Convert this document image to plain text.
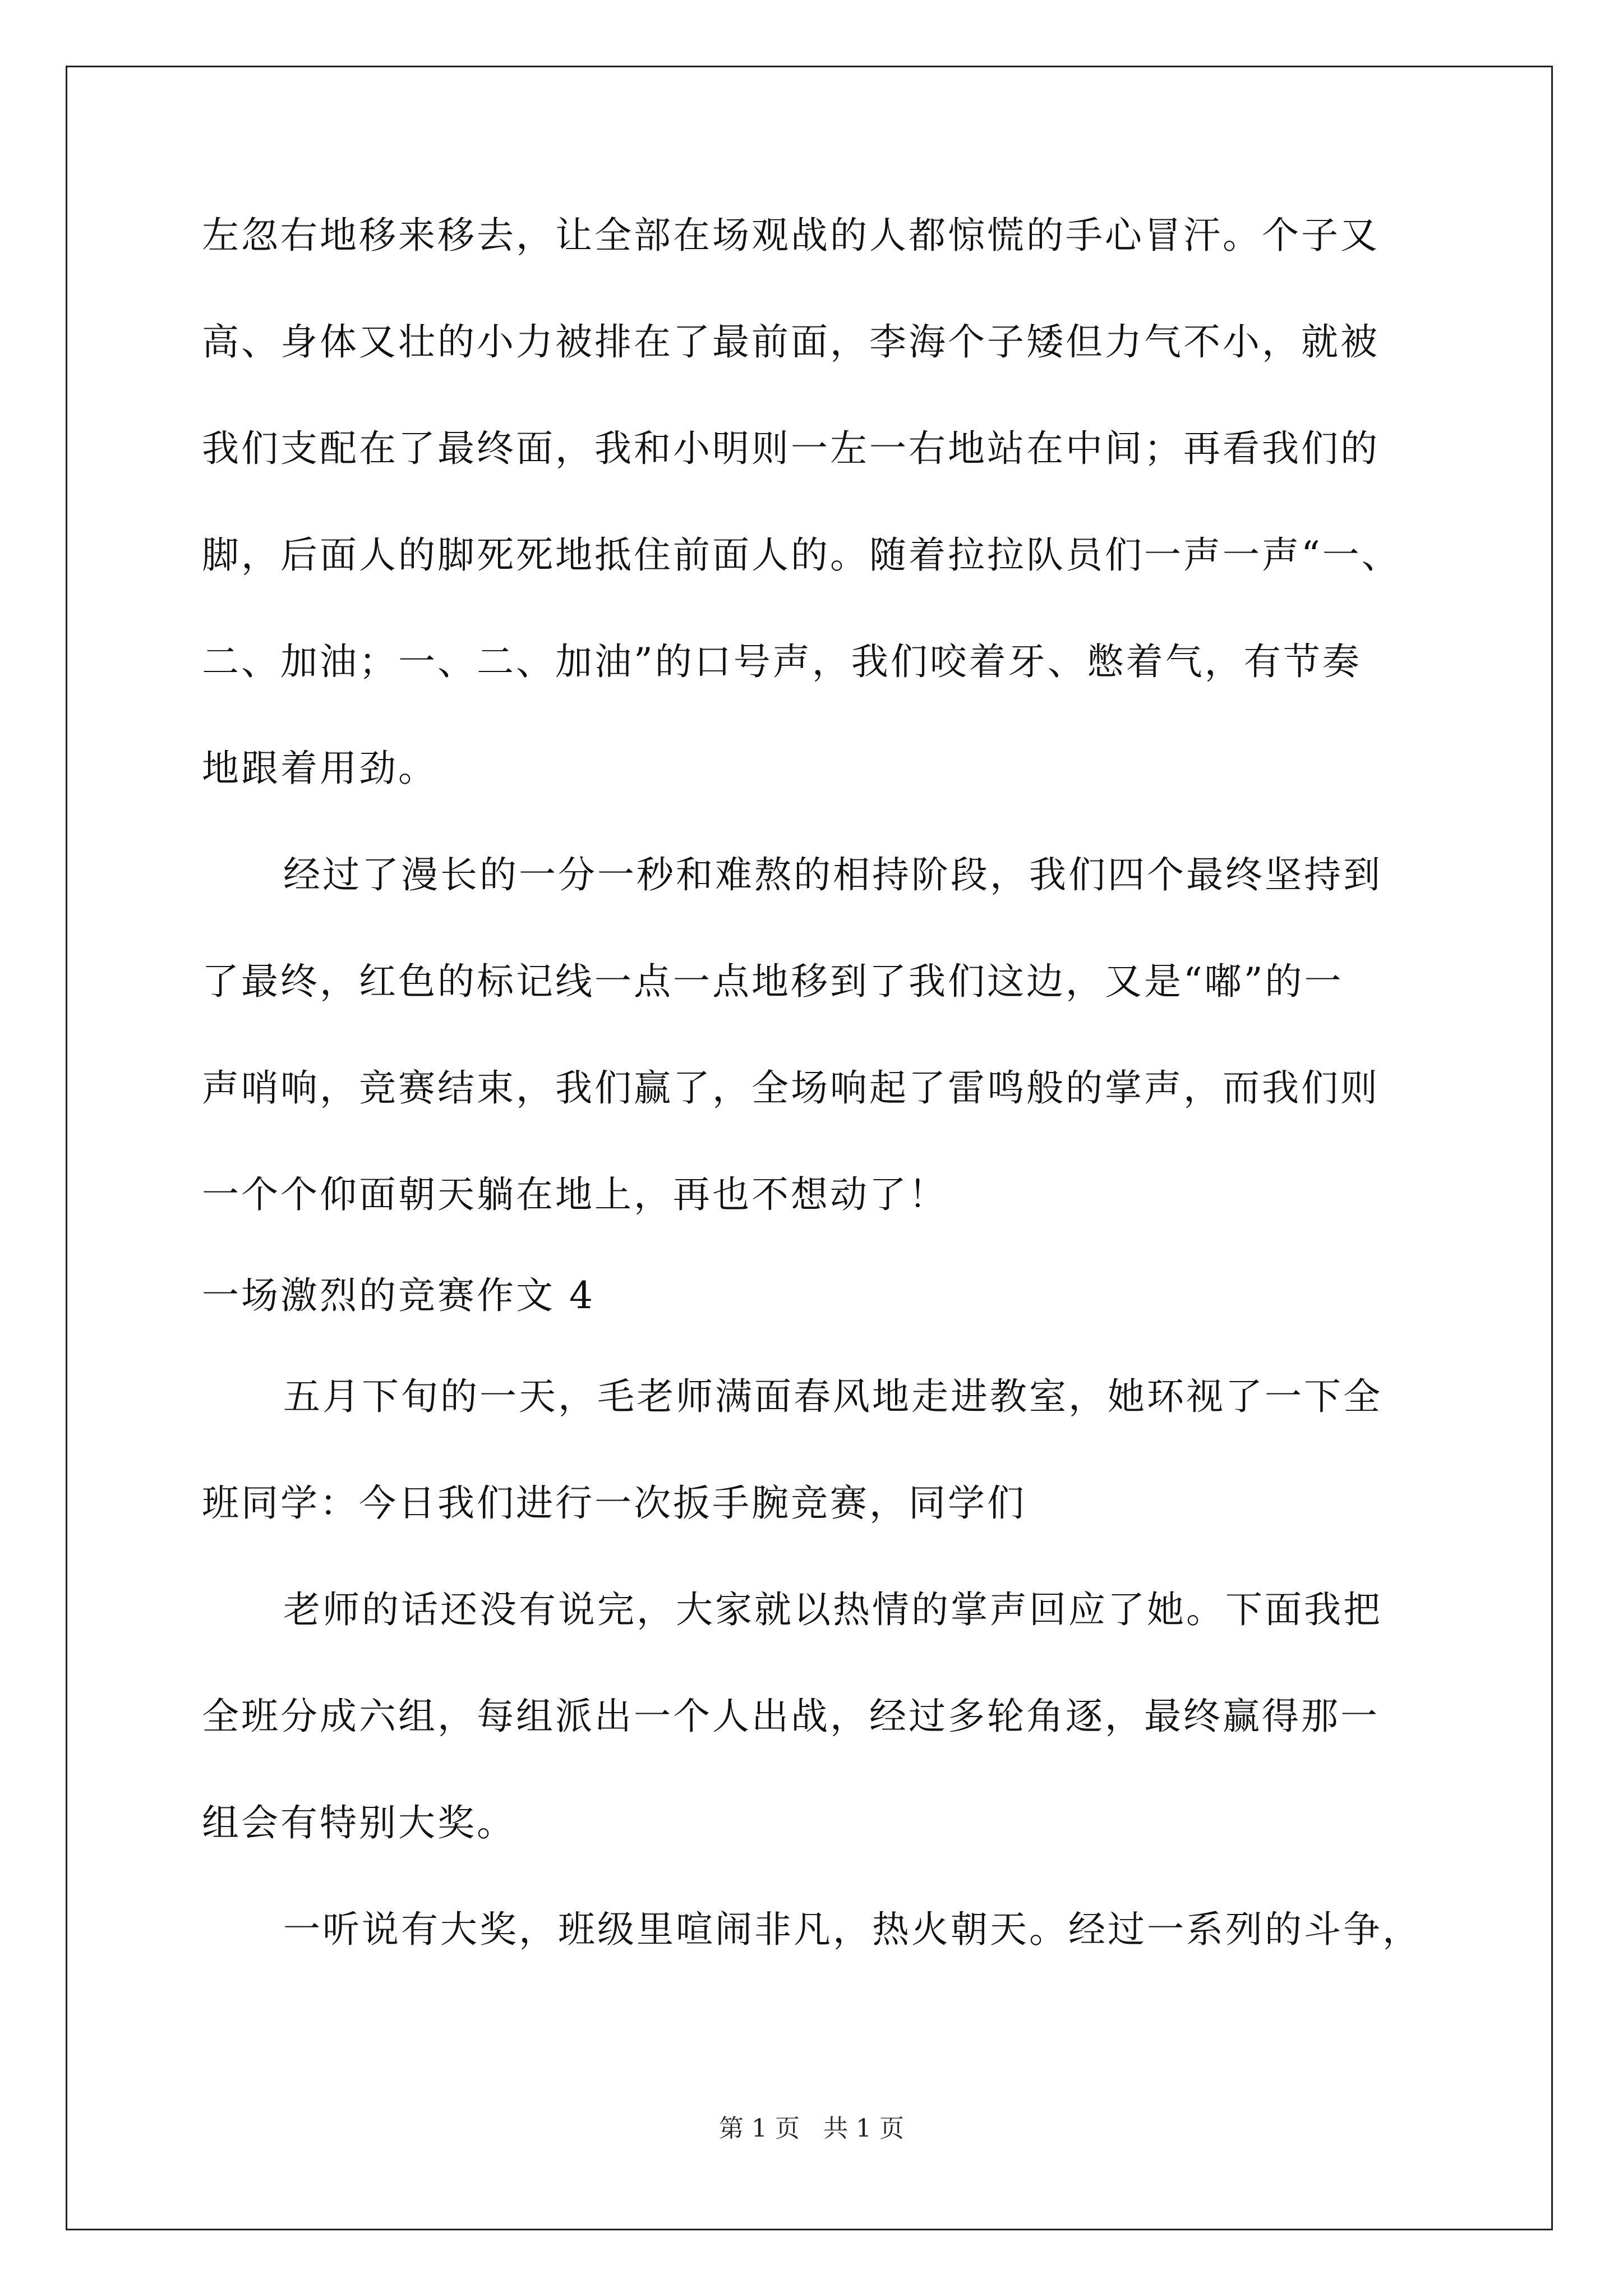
左忽右地移来移去，让全部在场观战的人都惊慌的手心冒汗。个子又
高、身体又壮的小力被排在了最前面，李海个子矮但力气不小，就被
我们支配在了最终面，我和小明则一左一右地站在中间；再看我们的
脚，后面人的脚死死地抵住前面人的。随着拉拉队员们一声一声“一、
二、加油；一、二、加油”的口号声，我们咬着牙、憋着气，有节奏
地跟着用劲。
经过了漫长的一分一秒和难熬的相持阶段，我们四个最终坚持到
了最终，红色的标记线一点一点地移到了我们这边，又是“嘟”的一
声哨响，竞赛结束，我们赢了，全场响起了雷鸣般的掌声，而我们则
一个个仰面朝天躺在地上，再也不想动了！
一场激烈的竞赛作文 4
五月下旬的一天，毛老师满面春风地走进教室，她环视了一下全
班同学：今日我们进行一次扳手腕竞赛，同学们
老师的话还没有说完，大家就以热情的掌声回应了她。下面我把
全班分成六组，每组派出一个人出战，经过多轮角逐，最终赢得那一
组会有特别大奖。
一听说有大奖，班级里喧闹非凡，热火朝天。经过一系列的斗争，
第 1 页 共 1 页
